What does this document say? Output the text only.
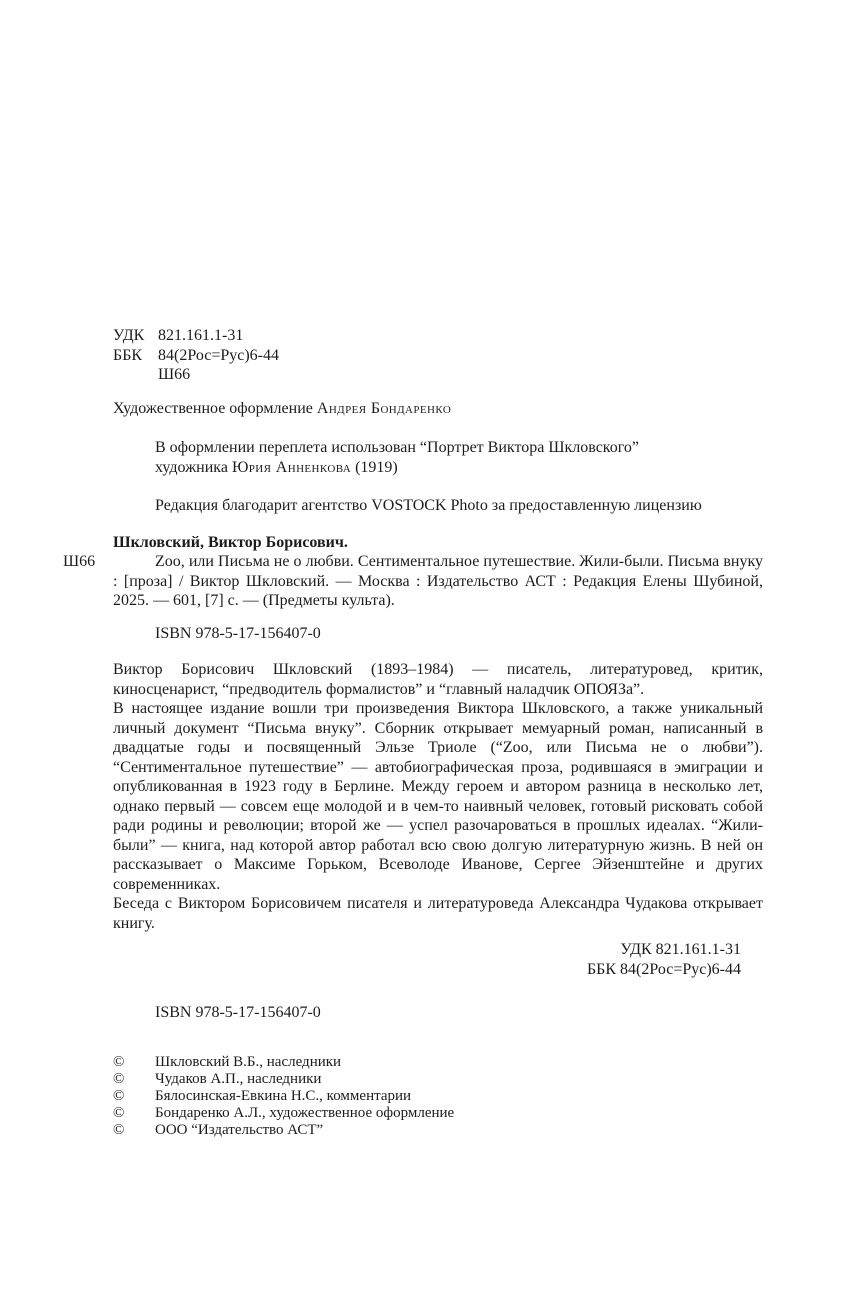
УДК 821.161.1-31
ББК 84(2Рос=Рус)6-44
Ш66
Художественное оформление Андрея Бондаренко
В оформлении переплета использован “Портрет Виктора Шкловского”
художника Юрия Анненкова (1919)
Редакция благодарит агентство VOSTOCK Photo за предоставленную лицензию
Шкловский, Виктор Борисович.
Ш66	Zoo, или Письма не о любви. Сентиментальное путешествие. Жили-были. Письма внуку : [проза] / Виктор Шкловский. — Москва : Издательство АСТ : Редакция Елены Шубиной, 2025. — 601, [7] с. — (Предметы культа).

ISBN 978-5-17-156407-0

Виктор Борисович Шкловский (1893–1984) — писатель, литературовед, критик, киносценарист, “предводитель формалистов” и “главный наладчик ОПОЯЗа”.

В настоящее издание вошли три произведения Виктора Шкловского, а также уникальный личный документ “Письма внуку”. Сборник открывает мемуарный роман, написанный в двадцатые годы и посвященный Эльзе Триоле (“Zoo, или Письма не о любви”). “Сентиментальное путешествие” — автобиографическая проза, родившаяся в эмиграции и опубликованная в 1923 году в Берлине. Между героем и автором разница в несколько лет, однако первый — совсем еще молодой и в чем-то наивный человек, готовый рисковать собой ради родины и революции; второй же — успел разочароваться в прошлых идеалах. “Жили-были” — книга, над которой автор работал всю свою долгую литературную жизнь. В ней он рассказывает о Максиме Горьком, Всеволоде Иванове, Сергее Эйзенштейне и других современниках.

Беседа с Виктором Борисовичем писателя и литературоведа Александра Чудакова открывает книгу.

УДК 821.161.1-31
ББК 84(2Рос=Рус)6-44
ISBN 978-5-17-156407-0
©	Шкловский В.Б., наследники
©	Чудаков А.П., наследники
©	Бялосинская-Евкина Н.С., комментарии
©	Бондаренко А.Л., художественное оформление
©	ООО “Издательство АСТ”
